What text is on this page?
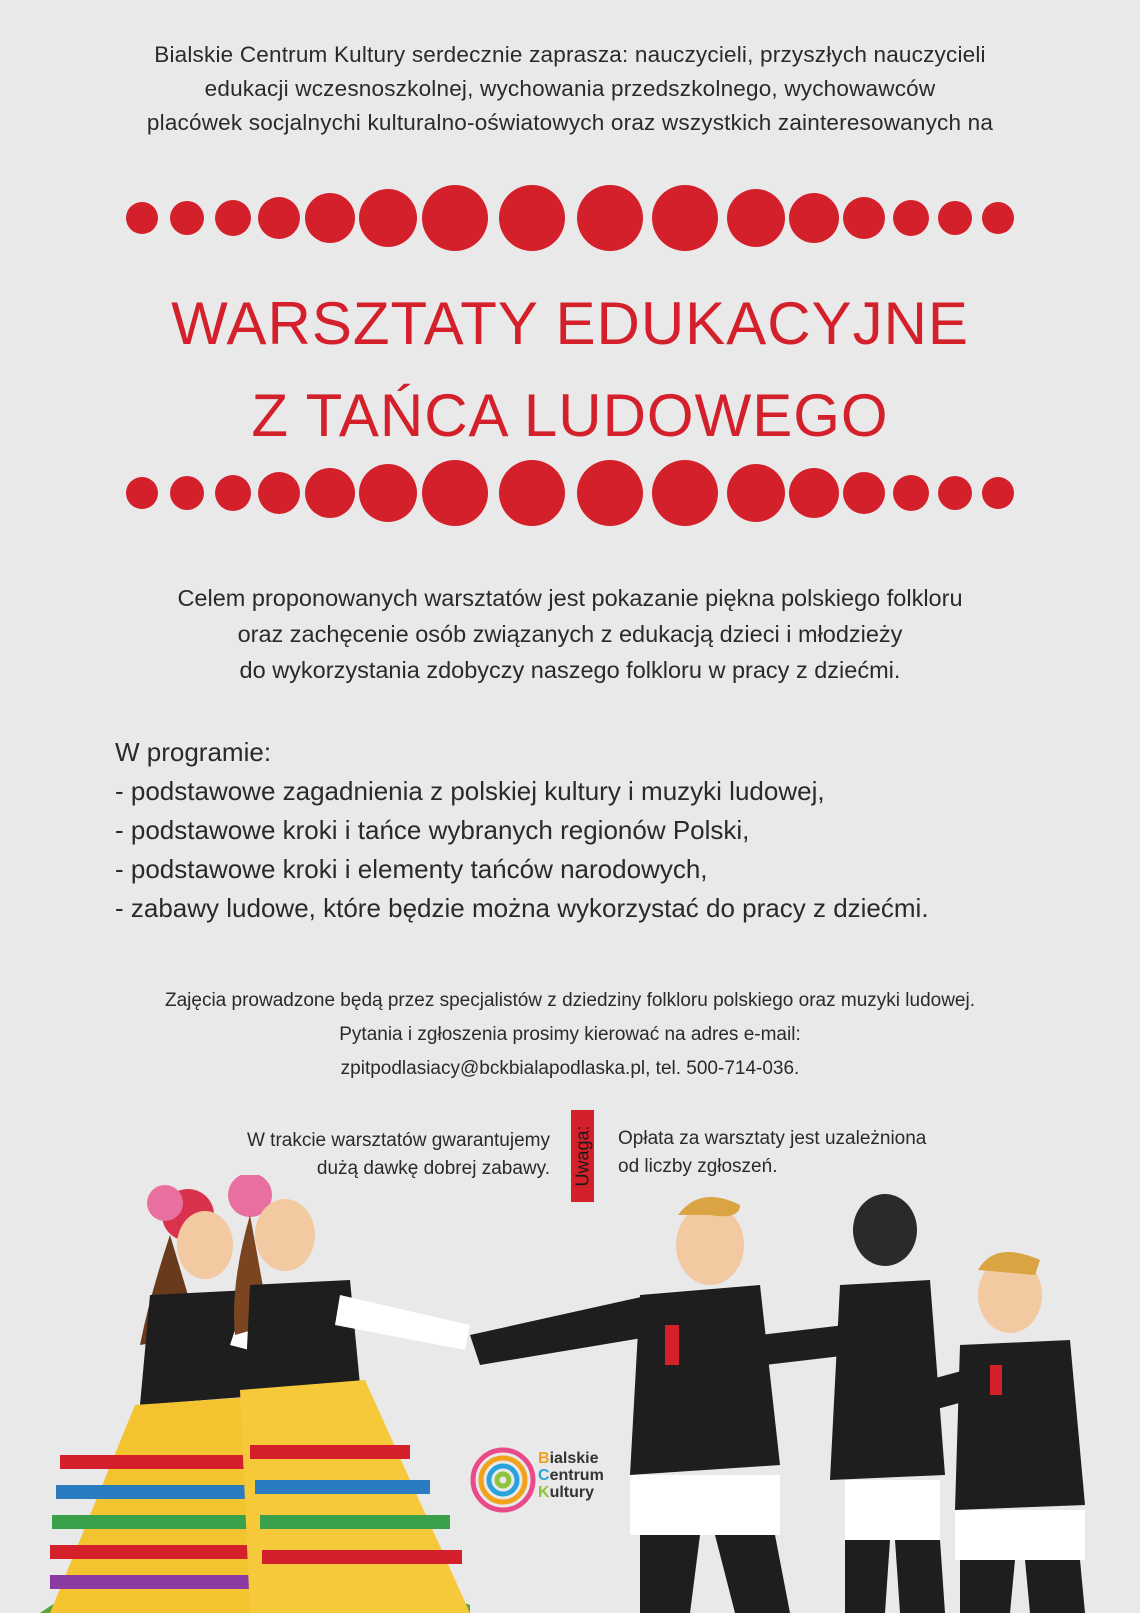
Bialskie Centrum Kultury serdecznie zaprasza: nauczycieli, przyszłych nauczycieli
edukacji wczesnoszkolnej, wychowania przedszkolnego, wychowawców
placówek socjalnychi kulturalno-oświatowych oraz wszystkich zainteresowanych na
WARSZTATY EDUKACYJNE
Z TAŃCA LUDOWEGO
Celem proponowanych warsztatów jest pokazanie piękna polskiego folkloru
oraz zachęcenie osób związanych z edukacją dzieci i młodzieży
do wykorzystania zdobyczy naszego folkloru w pracy z dziećmi.
W programie:
- podstawowe zagadnienia z polskiej kultury i muzyki ludowej,
- podstawowe kroki i tańce wybranych regionów Polski,
- podstawowe kroki i elementy tańców narodowych,
- zabawy ludowe, które będzie można wykorzystać do pracy z dziećmi.
Zajęcia prowadzone będą przez specjalistów z dziedziny folkloru polskiego oraz muzyki ludowej.
Pytania i zgłoszenia prosimy kierować na adres e-mail:
zpitpodlasiacy@bckbialapodlaska.pl, tel. 500-714-036.
W trakcie warsztatów gwarantujemy
dużą dawkę dobrej zabawy. Uwaga: Opłata za warsztaty jest uzależniona
od liczby zgłoszeń.
Bialskie
Centrum
Kultury
